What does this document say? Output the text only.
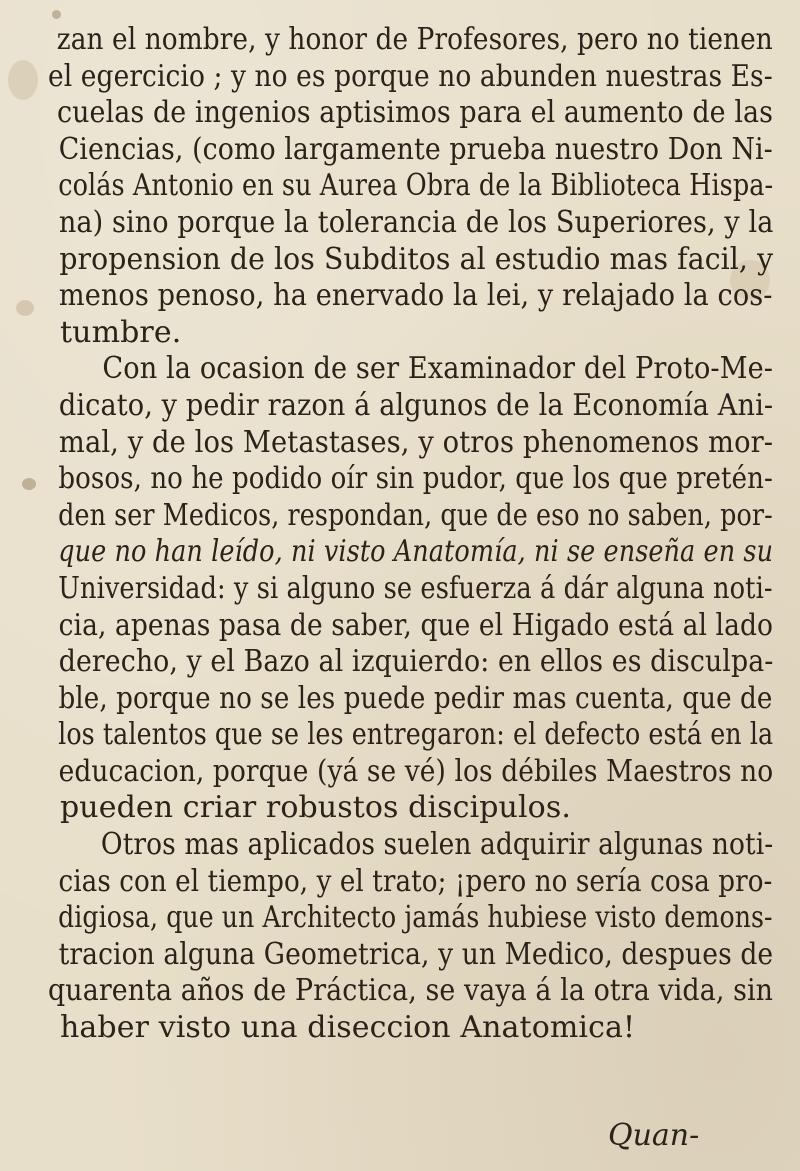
zan el nombre, y honor de Profesores, pero no tienen
el egercicio ; y no es porque no abunden nuestras Es-
cuelas de ingenios aptisimos para el aumento de las
Ciencias, (como largamente prueba nuestro Don Ni-
colás Antonio en su Aurea Obra de la Biblioteca Hispa-
na) sino porque la tolerancia de los Superiores, y la
propension de los Subditos al estudio mas facil, y
menos penoso, ha enervado la lei, y relajado la cos-
tumbre.
Con la ocasion de ser Examinador del Proto-Me-
dicato, y pedir razon á algunos de la Economía Ani-
mal, y de los Metastases, y otros phenomenos mor-
bosos, no he podido oír sin pudor, que los que pretén-
den ser Medicos, respondan, que de eso no saben, por-
que no han leído, ni visto Anatomía, ni se enseña en su
Universidad: y si alguno se esfuerza á dár alguna noti-
cia, apenas pasa de saber, que el Higado está al lado
derecho, y el Bazo al izquierdo: en ellos es disculpa-
ble, porque no se les puede pedir mas cuenta, que de
los talentos que se les entregaron: el defecto está en la
educacion, porque (yá se vé) los débiles Maestros no
pueden criar robustos discipulos.
Otros mas aplicados suelen adquirir algunas noti-
cias con el tiempo, y el trato; ¡pero no sería cosa pro-
digiosa, que un Architecto jamás hubiese visto demons-
tracion alguna Geometrica, y un Medico, despues de
quarenta años de Práctica, se vaya á la otra vida, sin
haber visto una diseccion Anatomica!
Quan-
